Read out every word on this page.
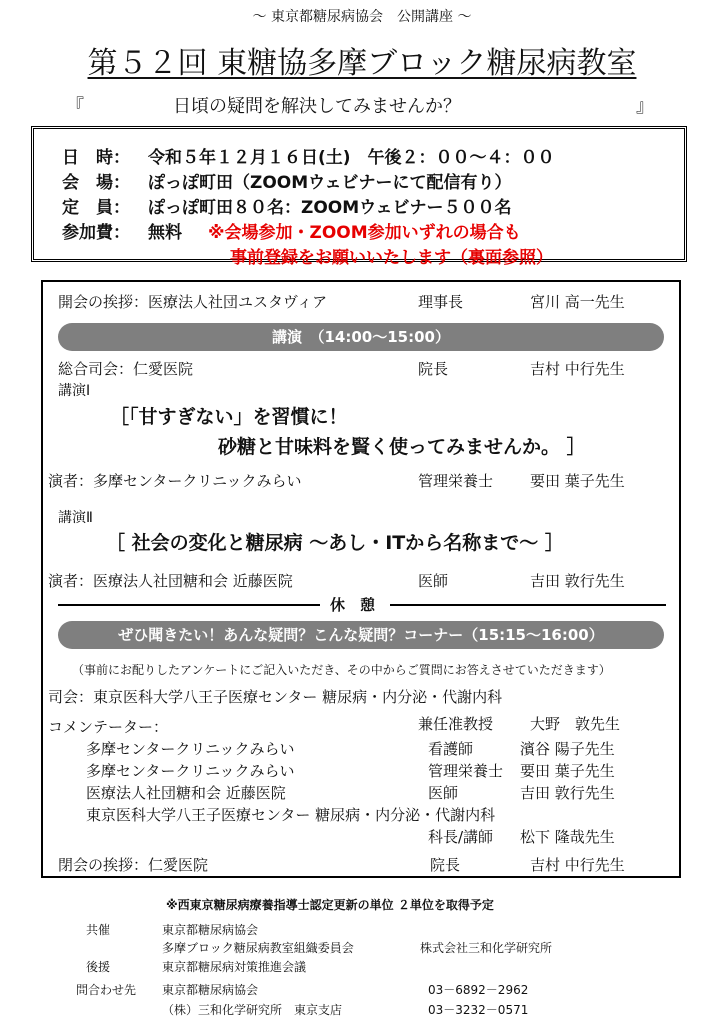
～ 東京都糖尿病協会　公開講座 ～
第５２回 東糖協多摩ブロック糖尿病教室
『	日頃の疑問を解決してみませんか？	』
日　時： 令和５年１２月１６日(土)　午後２：００～４：００
会　場： ぽっぽ町田（ZOOMウェビナーにて配信有り）
定　員： ぽっぽ町田８０名：ZOOMウェビナー５００名
参加費： 無料 ※会場参加・ZOOM参加いずれの場合も
事前登録をお願いいたします（裏面参照）
開会の挨拶：医療法人社団ユスタヴィア	理事長	宮川 高一先生
講演　（14:00～15:00）
総合司会：仁愛医院	院長	吉村 中行先生
講演Ⅰ
［「甘すぎない」を習慣に！
砂糖と甘味料を賢く使ってみませんか。 ］
演者：多摩センタークリニックみらい	管理栄養士 要田 葉子先生
講演Ⅱ
［ 社会の変化と糖尿病 ～あし・ITから名称まで～ ］
演者：医療法人社団糖和会 近藤医院	医師	吉田 敦行先生
休　憩
ぜひ聞きたい！あんな疑問？こんな疑問？コーナー（15:15～16:00）
（事前にお配りしたアンケートにご記入いただき、その中からご質問にお答えさせていただきます）
司会：東京医科大学八王子医療センター 糖尿病・内分泌・代謝内科
コメンテーター：	兼任准教授 大野　敦先生
多摩センタークリニックみらい	看護師	濱谷 陽子先生
多摩センタークリニックみらい	管理栄養士 要田 葉子先生
医療法人社団糖和会 近藤医院	医師	吉田 敦行先生
東京医科大学八王子医療センター 糖尿病・内分泌・代謝内科
科長/講師 松下 隆哉先生
閉会の挨拶：仁愛医院	院長	吉村 中行先生
※西東京糖尿病療養指導士認定更新の単位 ２単位を取得予定
共催	東京都糖尿病協会
多摩ブロック糖尿病教室組織委員会	株式会社三和化学研究所
後援	東京都糖尿病対策推進会議
問合わせ先 東京都糖尿病協会	03－6892－2962
（株）三和化学研究所　東京支店	03－3232－0571
